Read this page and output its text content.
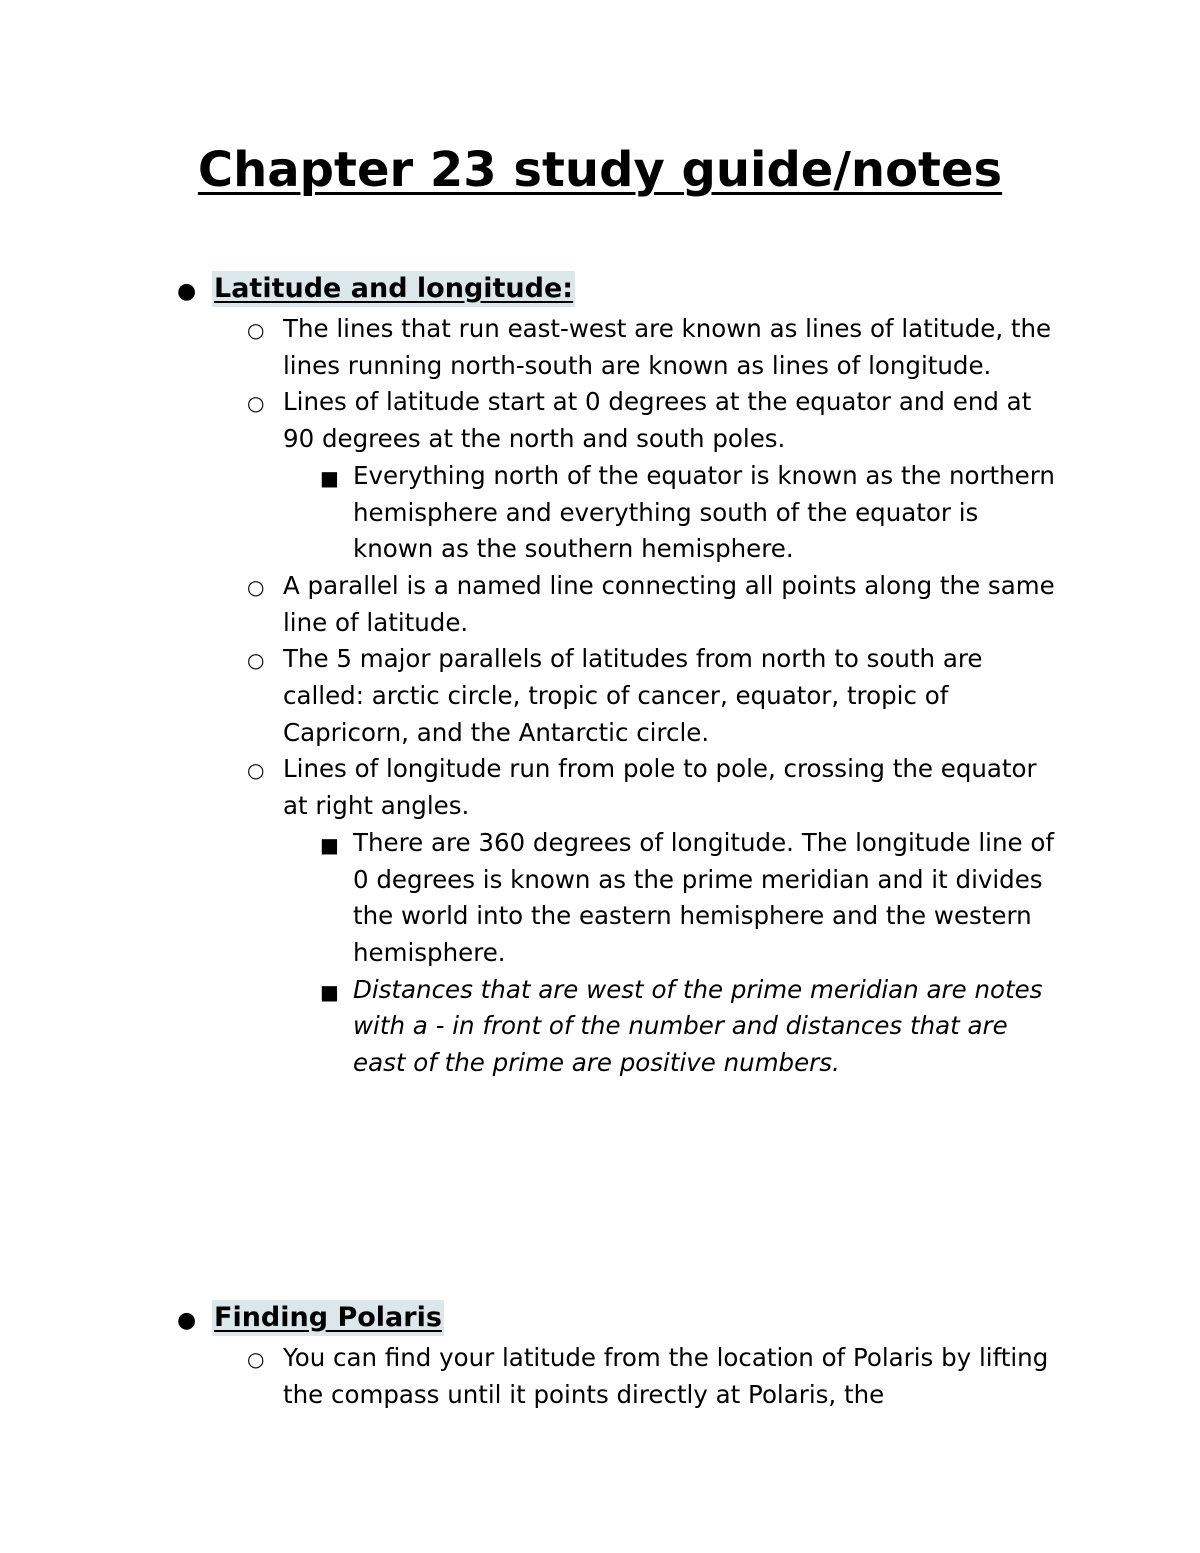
Chapter 23 study guide/notes
● Latitude and longitude:
○ The lines that run east-west are known as lines of latitude, the lines running north-south are known as lines of longitude.
○ Lines of latitude start at 0 degrees at the equator and end at 90 degrees at the north and south poles.
■ Everything north of the equator is known as the northern hemisphere and everything south of the equator is known as the southern hemisphere.
○ A parallel is a named line connecting all points along the same line of latitude.
○ The 5 major parallels of latitudes from north to south are called: arctic circle, tropic of cancer, equator, tropic of Capricorn, and the Antarctic circle.
○ Lines of longitude run from pole to pole, crossing the equator at right angles.
■ There are 360 degrees of longitude. The longitude line of 0 degrees is known as the prime meridian and it divides the world into the eastern hemisphere and the western hemisphere.
■ Distances that are west of the prime meridian are notes with a - in front of the number and distances that are east of the prime are positive numbers.
● Finding Polaris
○ You can find your latitude from the location of Polaris by lifting the compass until it points directly at Polaris, the
